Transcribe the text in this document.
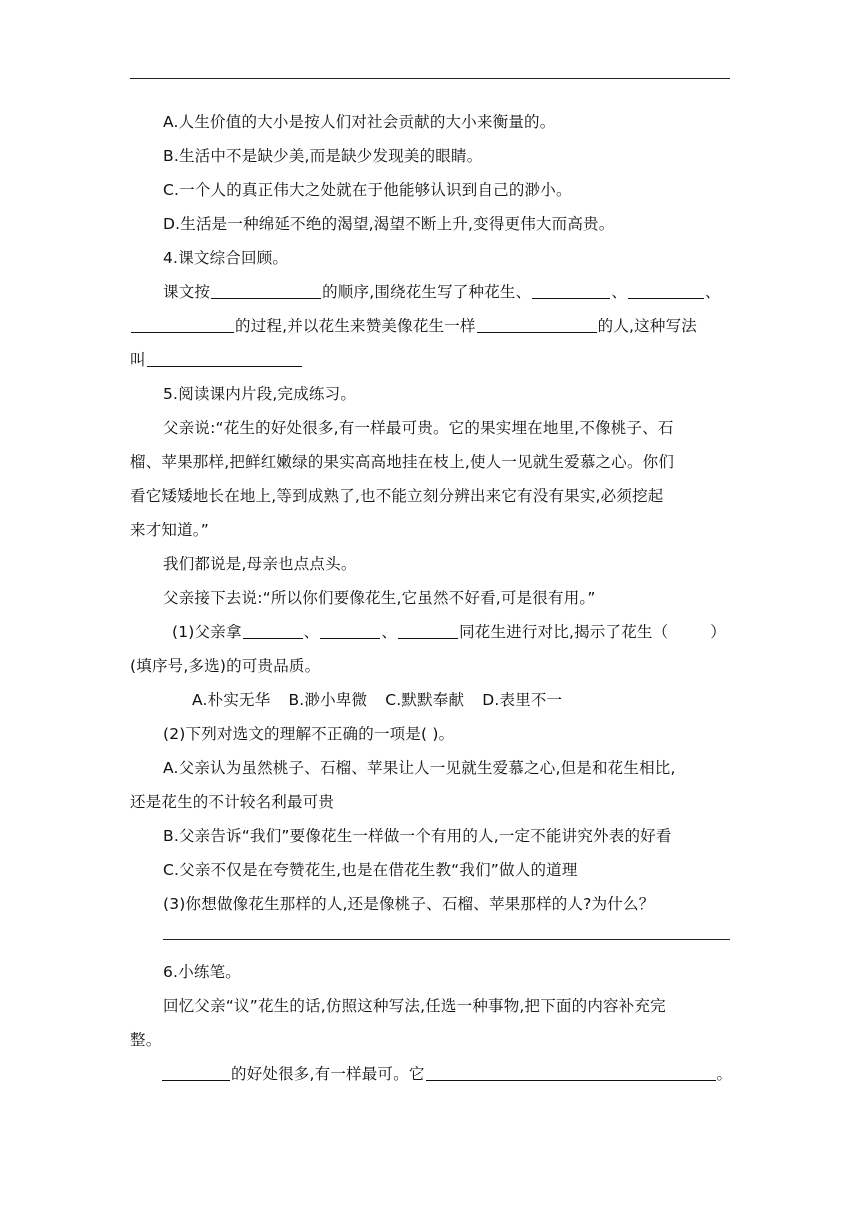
A.人生价值的大小是按人们对社会贡献的大小来衡量的。
B.生活中不是缺少美,而是缺少发现美的眼睛。
C.一个人的真正伟大之处就在于他能够认识到自己的渺小。
D.生活是一种绵延不绝的渴望,渴望不断上升,变得更伟大而高贵。
4.课文综合回顾。
课文按	的顺序,围绕花生写了种花生、	、	、
的过程,并以花生来赞美像花生一样	的人,这种写法
叫
5.阅读课内片段,完成练习。
父亲说:“花生的好处很多,有一样最可贵。它的果实埋在地里,不像桃子、石
榴、苹果那样,把鲜红嫩绿的果实高高地挂在枝上,使人一见就生爱慕之心。你们
看它矮矮地长在地上,等到成熟了,也不能立刻分辨出来它有没有果实,必须挖起
来才知道。”
我们都说是,母亲也点点头。
父亲接下去说:“所以你们要像花生,它虽然不好看,可是很有用。”
(1)父亲拿	、	、	同花生进行对比,揭示了花生（	）
(填序号,多选)的可贵品质。
A.朴实无华 B.渺小卑微 C.默默奉献 D.表里不一
(2)下列对选文的理解不正确的一项是( )。
A.父亲认为虽然桃子、石榴、苹果让人一见就生爱慕之心,但是和花生相比,
还是花生的不计较名利最可贵
B.父亲告诉“我们”要像花生一样做一个有用的人,一定不能讲究外表的好看
C.父亲不仅是在夸赞花生,也是在借花生教“我们”做人的道理
(3)你想做像花生那样的人,还是像桃子、石榴、苹果那样的人?为什么？
6.小练笔。
回忆父亲“议”花生的话,仿照这种写法,任选一种事物,把下面的内容补充完
整。
的好处很多,有一样最可。它	。
